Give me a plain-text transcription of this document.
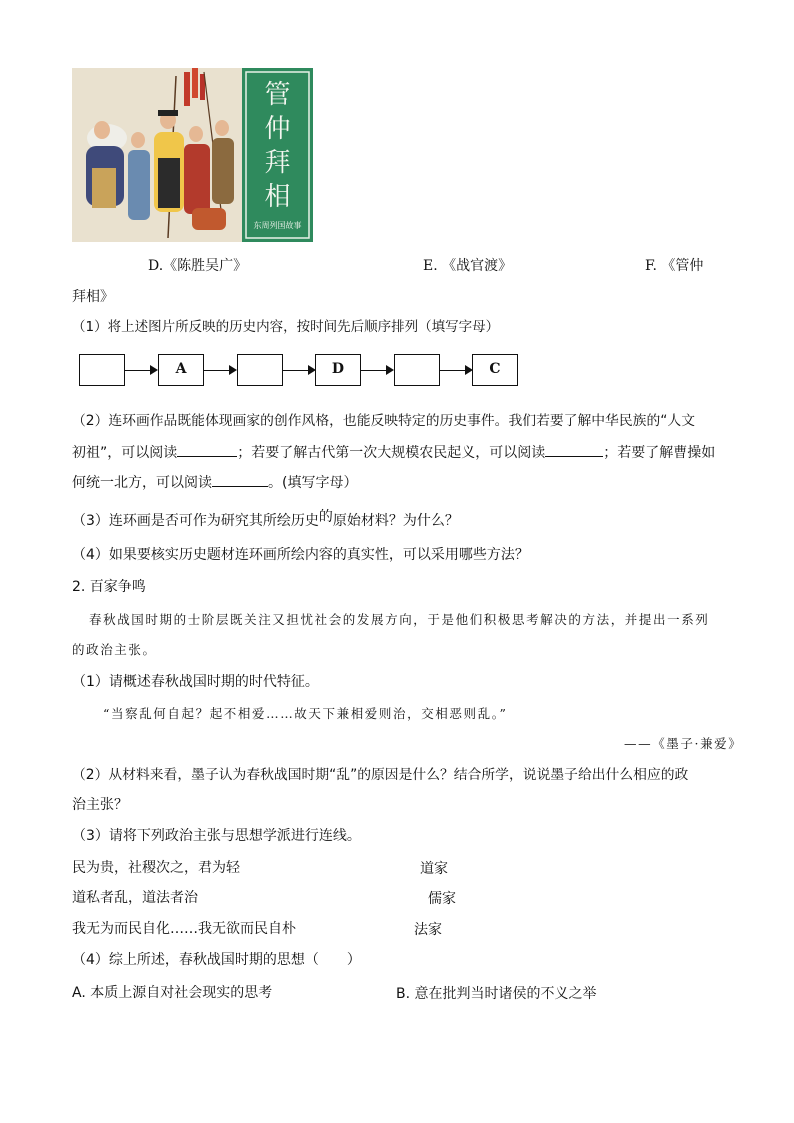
管
仲
拜
相
东周列国故事
D.《陈胜吴广》	E. 《战官渡》	F. 《管仲
拜相》
（1）将上述图片所反映的历史内容，按时间先后顺序排列（填写字母）
A	D	C
（2）连环画作品既能体现画家的创作风格，也能反映特定的历史事件。我们若要了解中华民族的“人文
初祖”，可以阅读	；若要了解古代第一次大规模农民起义，可以阅读	；若要了解曹操如
何统一北方，可以阅读	。(填写字母）
（3）连环画是否可作为研究其所绘历史的原始材料？为什么？
（4）如果要核实历史题材连环画所绘内容的真实性，可以采用哪些方法？
2. 百家争鸣
春秋战国时期的士阶层既关注又担忧社会的发展方向，于是他们积极思考解决的方法，并提出一系列
的政治主张。
（1）请概述春秋战国时期的时代特征。
“当察乱何自起？起不相爱……故天下兼相爱则治，交相恶则乱。”
——《墨子·兼爱》
（2）从材料来看，墨子认为春秋战国时期“乱”的原因是什么？结合所学，说说墨子给出什么相应的政
治主张？
（3）请将下列政治主张与思想学派进行连线。
民为贵，社稷次之，君为轻
道私者乱，道法者治
我无为而民自化……我无欲而民自朴
道家
儒家
法家
（4）综上所述，春秋战国时期的思想（　　）
A. 本质上源自对社会现实的思考	B. 意在批判当时诸侯的不义之举
